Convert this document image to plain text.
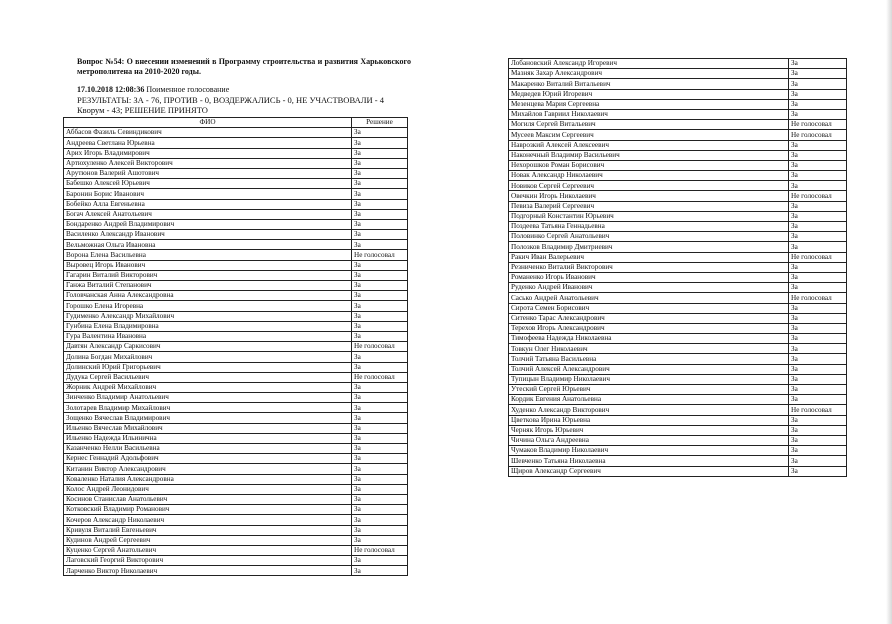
Вопрос №54: О внесении изменений в Программу строительства и развития Харьковского метрополитена на 2010-2020 годы.
17.10.2018 12:08:36 Поименное голосование
РЕЗУЛЬТАТЫ: ЗА - 76, ПРОТИВ - 0, ВОЗДЕРЖАЛИСЬ - 0, НЕ УЧАСТВОВАЛИ - 4
Кворум - 43; РЕШЕНИЕ ПРИНЯТО
ФИО	Решение
Аббасов Фазиль Севиндикович	За
Андреева Светлана Юрьевна	За
Арих Игорь Владимирович	За
Артюхуленко Алексей Викторович	За
Арутюнов Валерий Ашотович	За
Бабешко Алексей Юрьевич	За
Баронин Борис Иванович	За
Бобейко Алла Евгеньевна	За
Богач Алексей Анатольевич	За
Бондаренко Андрей Владимирович	За
Василенко Александр Иванович	За
Вельможная Ольга Ивановна	За
Ворона Елена Васильевна	Не голосовал
Выровец Игорь Иванович	За
Гагарин Виталий Викторович	За
Ганжа Виталий Степанович	За
Головчанская Анна Александровна	За
Горошко Елена Игоревна	За
Гудименко Александр Михайлович	За
Гунбина Елена Владимировна	За
Гура Валентина Ивановна	За
Давтян Александр Саркисович	Не голосовал
Долина Богдан Михайлович	За
Долинский Юрий Григорьевич	За
Дудука Сергей Васильевич	Не голосовал
Жорник Андрей Михайлович	За
Зинченко Владимир Анатольевич	За
Золотарев Владимир Михайлович	За
Зощенко Вячеслав Владимирович	За
Ильенко Вячеслав Михайлович	За
Ильенко Надежда Ильинична	За
Казанченко Нелли Васильевна	За
Кернес Геннадий Адольфович	За
Китанин Виктор Александрович	За
Коваленко Наталия Александровна	За
Колос Андрей Леонидович	За
Косинов Станислав Анатольевич	За
Котковский Владимир Романович	За
Кочеров Александр Николаевич	За
Кривуля Виталий Евгеньевич	За
Кудинов Андрей Сергеевич	За
Куценко Сергей Анатольевич	Не голосовал
Лаговский Георгий Викторович	За
Ларченко Виктор Николаевич	За
Лобановский Александр Игоревич	За
Мазняк Захар Александрович	За
Макаренко Виталий Витальевич	За
Медведев Юрий Игоревич	За
Мезенцева Мария Сергеевна	За
Михайлов Гавриил Николаевич	За
Могиля Сергей Витальевич	Не голосовал
Мусеев Максим Сергеевич	Не голосовал
Наврозкий Алексей Алексеевич	За
Наконечный Владимир Васильевич	За
Нехорошков Роман Борисович	За
Новак Александр Николаевич	За
Новиков Сергей Сергеевич	За
Овечкин Игорь Николаевич	Не голосовал
Певиза Валерий Сергеевич	За
Подгорный Константин Юрьевич	За
Поздеева Татьяна Геннадьевна	За
Половинко Сергей Анатольевич	За
Полозков Владимир Дмитриевич	За
Ракич Иван Валерьевич	Не голосовал
Резниченко Виталий Викторович	За
Романенко Игорь Иванович	За
Руденко Андрей Иванович	За
Сасько Андрей Анатольевич	Не голосовал
Сирота Семен Борисович	За
Ситенко Тарас Александрович	За
Терехов Игорь Александрович	За
Тимофеева Надежда Николаевна	За
Товкун Олег Николаевич	За
Толчий Татьяна Васильевна	За
Толчий Алексей Александрович	За
Тупицын Владимир Николаевич	За
Утеский Сергей Юрьевич	За
Кордик Евгения Анатольевна	За
Худенко Александр Викторович	Не голосовал
Цветкова Ирина Юрьевна	За
Черняк Игорь Юрьевич	За
Чичина Ольга Андреевна	За
Чумаков Владимир Николаевич	За
Шевченко Татьяна Николаевна	За
Щиров Александр Сергеевич	За
